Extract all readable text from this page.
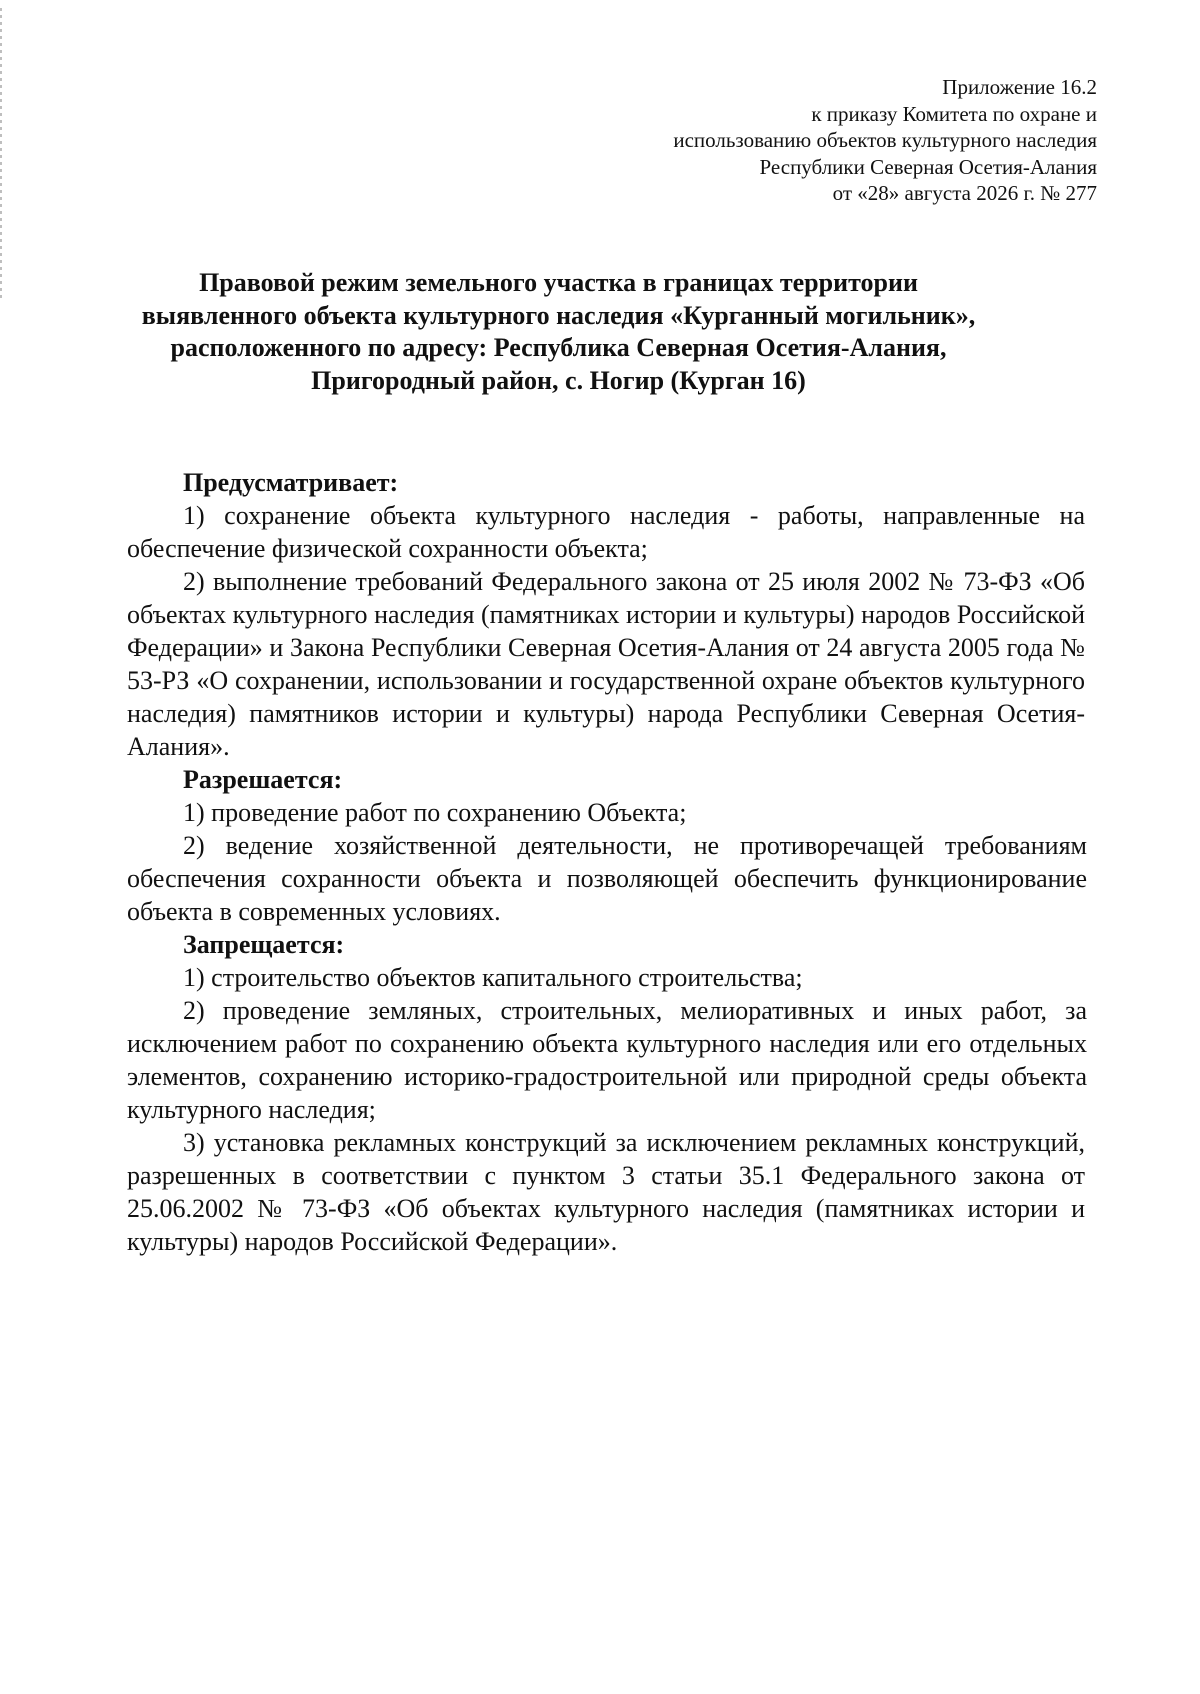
Приложение 16.2
к приказу Комитета по охране и
использованию объектов культурного наследия
Республики Северная Осетия-Алания
от «28» августа 2026 г. № 277
Правовой режим земельного участка в границах территории
выявленного объекта культурного наследия «Курганный могильник»,
расположенного по адресу: Республика Северная Осетия-Алания,
Пригородный район, с. Ногир (Курган 16)

Предусматривает:

1) сохранение объекта культурного наследия - работы, направленные на обеспечение физической сохранности объекта;

2) выполнение требований Федерального закона от 25 июля 2002 № 73-ФЗ «Об объектах культурного наследия (памятниках истории и культуры) народов Российской Федерации» и Закона Республики Северная Осетия-Алания от 24 августа 2005 года № 53-РЗ «О сохранении, использовании и государственной охране объектов культурного наследия) памятников истории и культуры) народа Республики Северная Осетия-Алания».

Разрешается:

1) проведение работ по сохранению Объекта;

2) ведение хозяйственной деятельности, не противоречащей требованиям обеспечения сохранности объекта и позволяющей обеспечить функционирование объекта в современных условиях.

Запрещается:

1) строительство объектов капитального строительства;

2) проведение земляных, строительных, мелиоративных и иных работ, за исключением работ по сохранению объекта культурного наследия или его отдельных элементов, сохранению историко-градостроительной или природной среды объекта культурного наследия;

3) установка рекламных конструкций за исключением рекламных конструкций, разрешенных в соответствии с пунктом 3 статьи 35.1 Федерального закона от 25.06.2002 № 73-ФЗ «Об объектах культурного наследия (памятниках истории и культуры) народов Российской Федерации».
